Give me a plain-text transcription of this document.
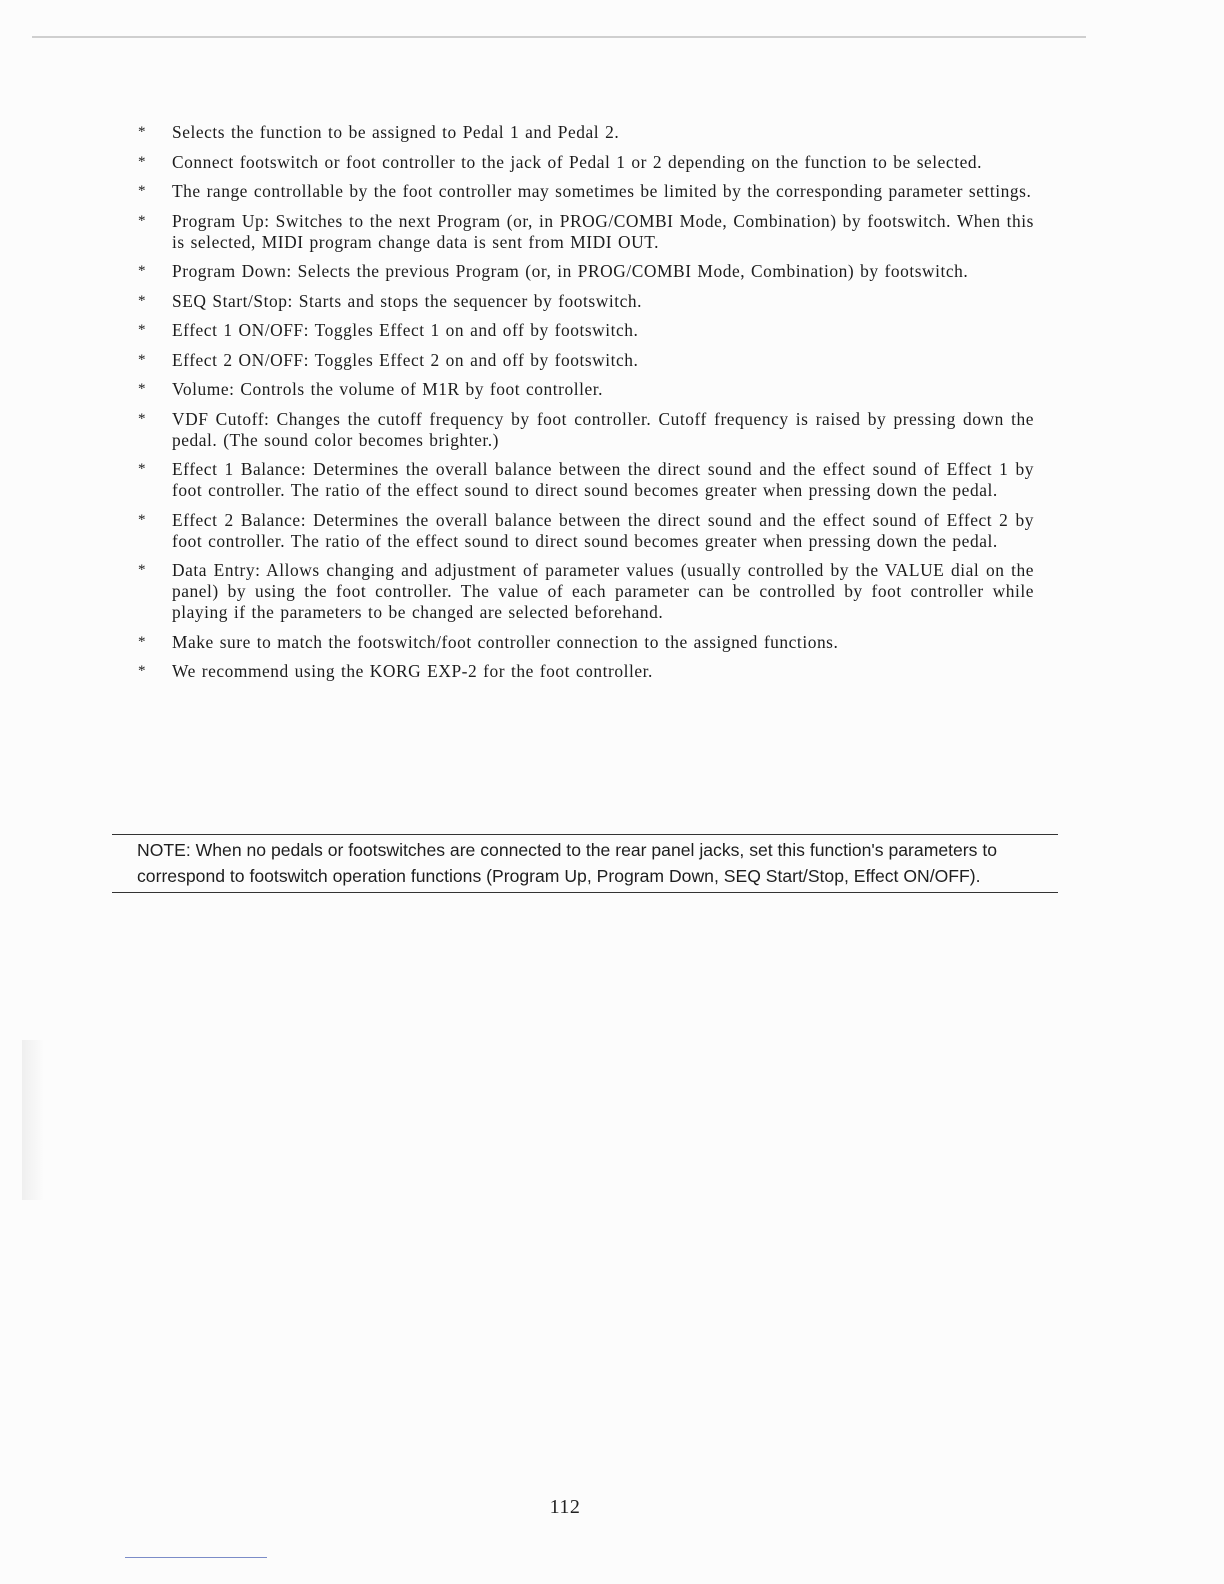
* Selects the function to be assigned to Pedal 1 and Pedal 2.
* Connect footswitch or foot controller to the jack of Pedal 1 or 2 depending on the function to be selected.
* The range controllable by the foot controller may sometimes be limited by the corresponding parameter settings.
* Program Up: Switches to the next Program (or, in PROG/COMBI Mode, Combination) by footswitch. When this is selected, MIDI program change data is sent from MIDI OUT.
* Program Down: Selects the previous Program (or, in PROG/COMBI Mode, Combination) by footswitch.
* SEQ Start/Stop: Starts and stops the sequencer by footswitch.
* Effect 1 ON/OFF: Toggles Effect 1 on and off by footswitch.
* Effect 2 ON/OFF: Toggles Effect 2 on and off by footswitch.
* Volume: Controls the volume of M1R by foot controller.
* VDF Cutoff: Changes the cutoff frequency by foot controller. Cutoff frequency is raised by pressing down the pedal. (The sound color becomes brighter.)
* Effect 1 Balance: Determines the overall balance between the direct sound and the effect sound of Effect 1 by foot controller. The ratio of the effect sound to direct sound becomes greater when pressing down the pedal.
* Effect 2 Balance: Determines the overall balance between the direct sound and the effect sound of Effect 2 by foot controller. The ratio of the effect sound to direct sound becomes greater when pressing down the pedal.
* Data Entry: Allows changing and adjustment of parameter values (usually controlled by the VALUE dial on the panel) by using the foot controller. The value of each parameter can be controlled by foot controller while playing if the parameters to be changed are selected beforehand.
* Make sure to match the footswitch/foot controller connection to the assigned functions.
* We recommend using the KORG EXP-2 for the foot controller.
NOTE: When no pedals or footswitches are connected to the rear panel jacks, set this function's parameters to correspond to footswitch operation functions (Program Up, Program Down, SEQ Start/Stop, Effect ON/OFF).
112
